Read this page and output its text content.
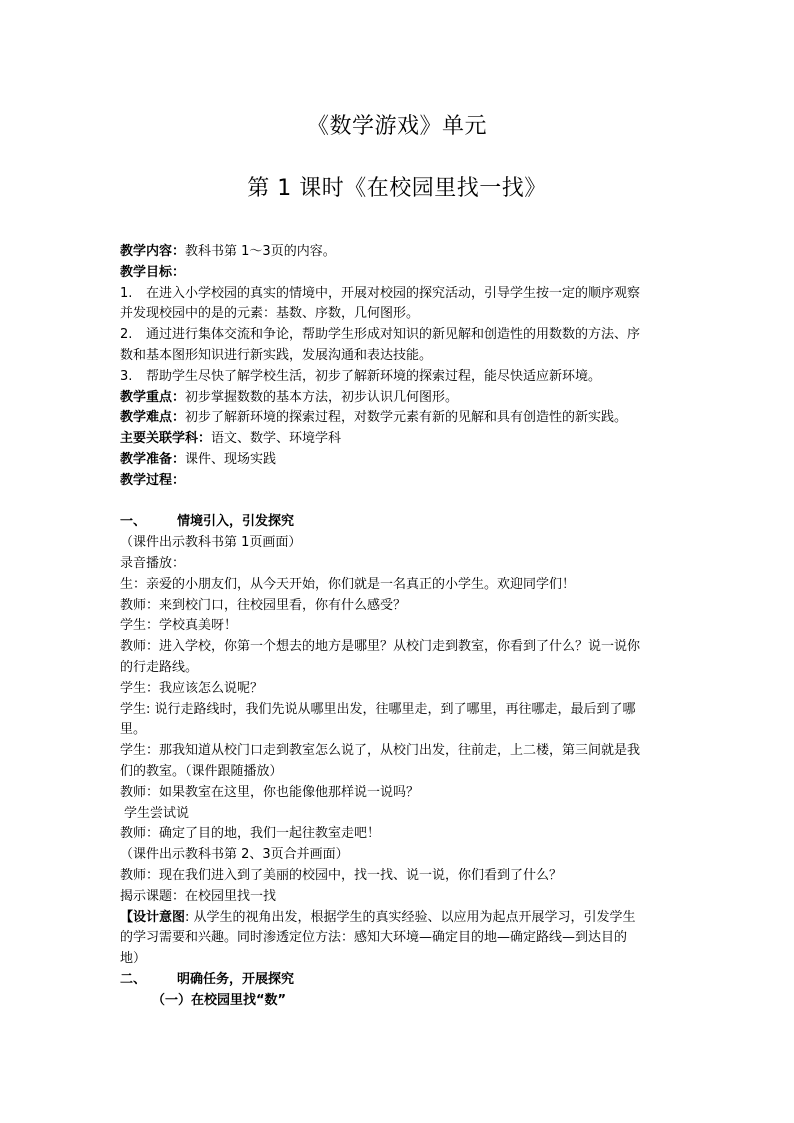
《数学游戏》单元
第 1 课时《在校园里找一找》
教学内容：教科书第 1～3页的内容。
教学目标：
1. 在进入小学校园的真实的情境中，开展对校园的探究活动，引导学生按一定的顺序观察
并发现校园中的是的元素：基数、序数，几何图形。
2. 通过进行集体交流和争论，帮助学生形成对知识的新见解和创造性的用数数的方法、序
数和基本图形知识进行新实践，发展沟通和表达技能。
3. 帮助学生尽快了解学校生活，初步了解新环境的探索过程，能尽快适应新环境。
教学重点：初步掌握数数的基本方法，初步认识几何图形。
教学难点：初步了解新环境的探索过程，对数学元素有新的见解和具有创造性的新实践。
主要关联学科：语文、数学、环境学科
教学准备：课件、现场实践
教学过程：
一、 情境引入，引发探究
（课件出示教科书第 1页画面）
录音播放：
生：亲爱的小朋友们，从今天开始，你们就是一名真正的小学生。欢迎同学们！
教师：来到校门口，往校园里看，你有什么感受？
学生：学校真美呀！
教师：进入学校，你第一个想去的地方是哪里？从校门走到教室，你看到了什么？说一说你
的行走路线。
学生：我应该怎么说呢？
学生: 说行走路线时，我们先说从哪里出发，往哪里走，到了哪里，再往哪走，最后到了哪
里。
学生：那我知道从校门口走到教室怎么说了，从校门出发，往前走，上二楼，第三间就是我
们的教室。（课件跟随播放）
教师：如果教室在这里，你也能像他那样说一说吗？
学生尝试说
教师：确定了目的地，我们一起往教室走吧！
（课件出示教科书第 2、3页合并画面）
教师：现在我们进入到了美丽的校园中，找一找、说一说，你们看到了什么？
揭示课题：在校园里找一找
【设计意图: 从学生的视角出发，根据学生的真实经验、以应用为起点开展学习，引发学生
的学习需要和兴趣。同时渗透定位方法：感知大环境—确定目的地—确定路线—到达目的
地）
二、 明确任务，开展探究
（一）在校园里找“数”
